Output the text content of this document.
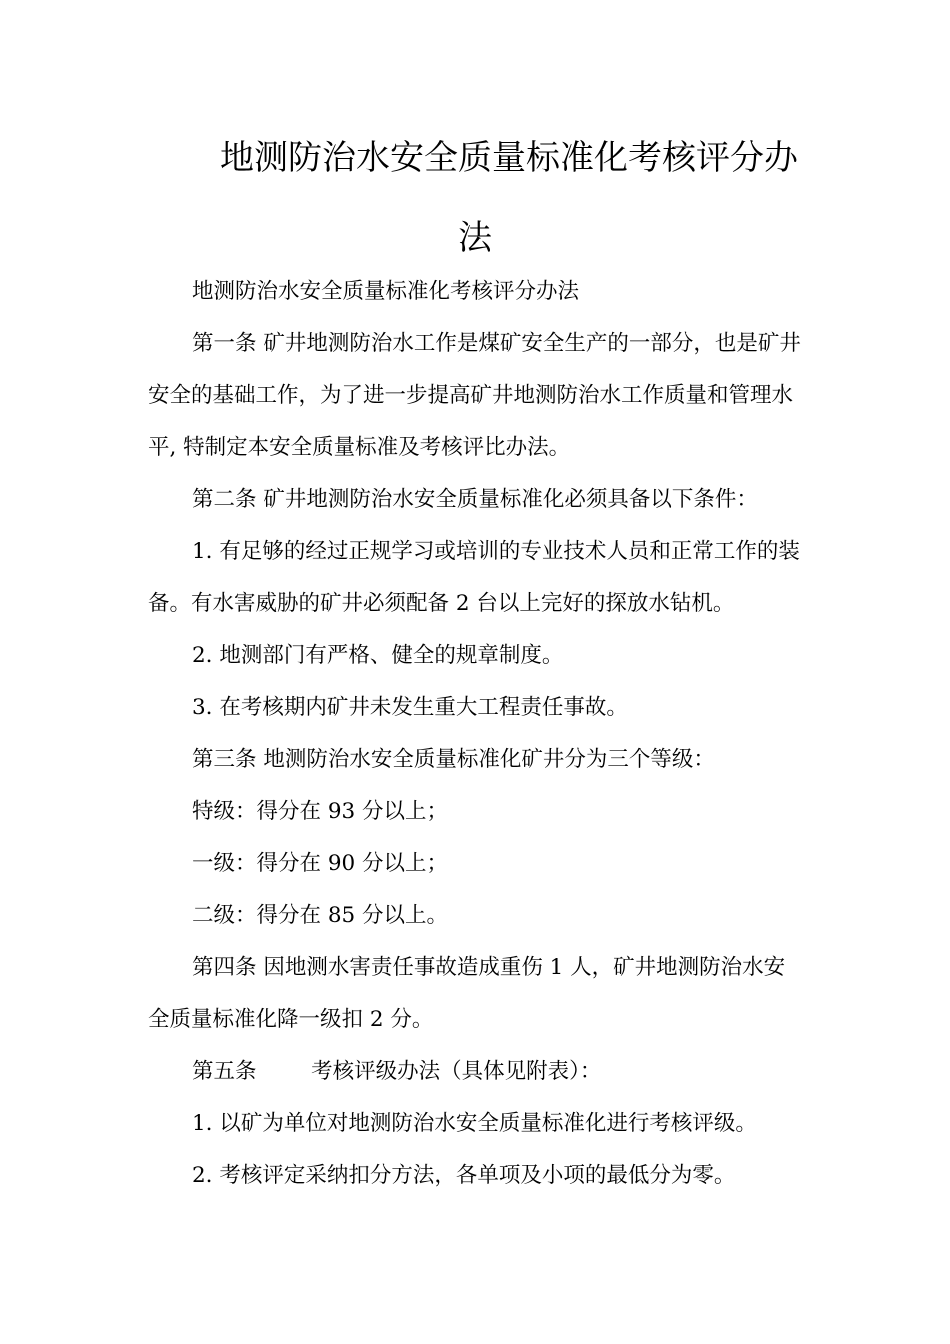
地测防治水安全质量标准化考核评分办法

地测防治水安全质量标准化考核评分办法

第一条 矿井地测防治水工作是煤矿安全生产的一部分，也是矿井安全的基础工作，为了进一步提高矿井地测防治水工作质量和管理水平, 特制定本安全质量标准及考核评比办法。

第二条 矿井地测防治水安全质量标准化必须具备以下条件：

1. 有足够的经过正规学习或培训的专业技术人员和正常工作的装备。有水害威胁的矿井必须配备 2 台以上完好的探放水钻机。

2. 地测部门有严格、健全的规章制度。

3. 在考核期内矿井未发生重大工程责任事故。

第三条 地测防治水安全质量标准化矿井分为三个等级：

特级：得分在 93 分以上；

一级：得分在 90 分以上；

二级：得分在 85 分以上。

第四条 因地测水害责任事故造成重伤 1 人，矿井地测防治水安全质量标准化降一级扣 2 分。

第五条        考核评级办法（具体见附表）：

1. 以矿为单位对地测防治水安全质量标准化进行考核评级。

2. 考核评定采纳扣分方法，各单项及小项的最低分为零。
